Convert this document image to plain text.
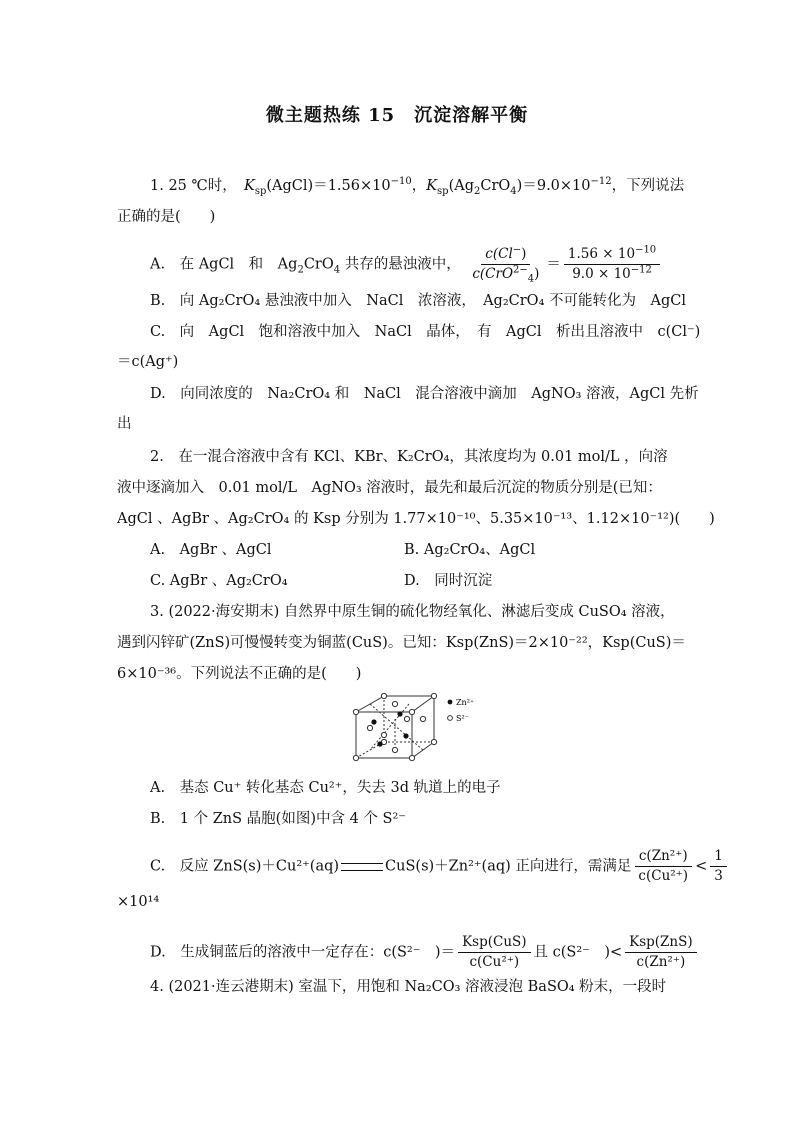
微主题热练 15　沉淀溶解平衡
1. 25 ℃时，　 $K_{sp}(AgCl)=1.56\times 10^{-10}$，$K_{sp}(Ag_2CrO_4)=9.0\times 10^{-12}$，下列说法
正确的是(　　)
A.　在 AgCl　和　$Ag_2CrO_4$ 共存的悬浊液中， $\frac{c(Cl^-)}{c(CrO^{2-}_4)} = \frac{1.56 \times 10^{-10}}{9.0 \times 10^{-12}}$
B.　向 Ag₂CrO₄ 悬浊液中加入　NaCl　浓溶液，　Ag₂CrO₄ 不可能转化为　AgCl
C.　向　AgCl　饱和溶液中加入　NaCl　晶体，　有　AgCl　析出且溶液中　c(Cl⁻)
＝c(Ag⁺)
D.　向同浓度的　Na₂CrO₄ 和　NaCl　混合溶液中滴加　AgNO₃ 溶液，AgCl 先析
出
2.　在一混合溶液中含有 KCl、KBr、K₂CrO₄，其浓度均为 0.01 mol/L ，向溶
液中逐滴加入　0.01 mol/L　AgNO₃ 溶液时，最先和最后沉淀的物质分别是(已知：
AgCl 、AgBr 、Ag₂CrO₄ 的 Ksp 分别为 1.77×10⁻¹⁰、5.35×10⁻¹³、1.12×10⁻¹²)(　　)
A.　AgBr 、AgCl	B. Ag₂CrO₄、AgCl
C. AgBr 、Ag₂CrO₄	D.　同时沉淀
3. (2022·海安期末) 自然界中原生铜的硫化物经氧化、淋滤后变成 CuSO₄ 溶液，
遇到闪锌矿(ZnS)可慢慢转变为铜蓝(CuS)。已知：Ksp(ZnS)＝2×10⁻²²，Ksp(CuS)＝
6×10⁻³⁶。下列说法不正确的是(　　)
Zn²⁺
S²⁻
A.　基态 Cu⁺ 转化基态 Cu²⁺，失去 3d 轨道上的电子
B.　1 个 ZnS 晶胞(如图)中含 4 个 S²⁻
C.　反应 ZnS(s)＋Cu²⁺(aq)	CuS(s)＋Zn²⁺(aq) 正向进行，需满足 $\frac{\text{c(Zn²⁺)}}{\text{c(Cu²⁺)}} < \frac{1}{3}$
×10¹⁴
D.　生成铜蓝后的溶液中一定存在：c(S²⁻　)＝ $\frac{\text{Ksp(CuS)}}{\text{c(Cu²⁺)}}$ 且 c(S²⁻　)< $\frac{\text{Ksp(ZnS)}}{\text{c(Zn²⁺)}}$
4. (2021·连云港期末) 室温下，用饱和 Na₂CO₃ 溶液浸泡 BaSO₄ 粉末，一段时
